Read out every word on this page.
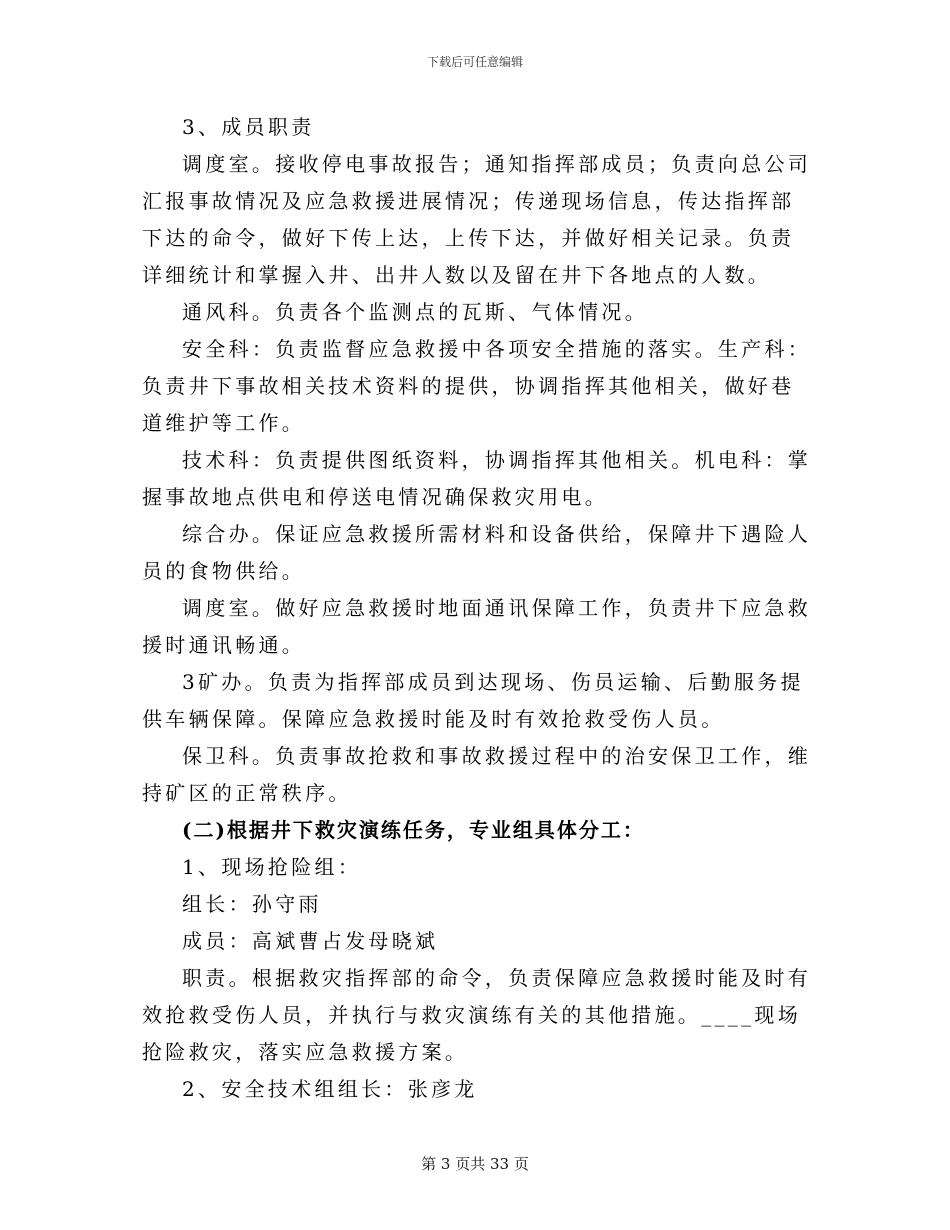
下载后可任意编辑

3、成员职责

调度室。接收停电事故报告；通知指挥部成员；负责向总公司汇报事故情况及应急救援进展情况；传递现场信息，传达指挥部下达的命令，做好下传上达，上传下达，并做好相关记录。负责详细统计和掌握入井、出井人数以及留在井下各地点的人数。

通风科。负责各个监测点的瓦斯、气体情况。

安全科：负责监督应急救援中各项安全措施的落实。生产科：负责井下事故相关技术资料的提供，协调指挥其他相关，做好巷道维护等工作。

技术科：负责提供图纸资料，协调指挥其他相关。机电科：掌握事故地点供电和停送电情况确保救灾用电。

综合办。保证应急救援所需材料和设备供给，保障井下遇险人员的食物供给。

调度室。做好应急救援时地面通讯保障工作，负责井下应急救援时通讯畅通。

3矿办。负责为指挥部成员到达现场、伤员运输、后勤服务提供车辆保障。保障应急救援时能及时有效抢救受伤人员。

保卫科。负责事故抢救和事故救援过程中的治安保卫工作，维持矿区的正常秩序。

(二)根据井下救灾演练任务，专业组具体分工：

1、现场抢险组：

组长：孙守雨

成员：高斌曹占发母晓斌

职责。根据救灾指挥部的命令，负责保障应急救援时能及时有效抢救受伤人员，并执行与救灾演练有关的其他措施。____现场抢险救灾，落实应急救援方案。

2、安全技术组组长：张彦龙

第 3 页共 33 页
